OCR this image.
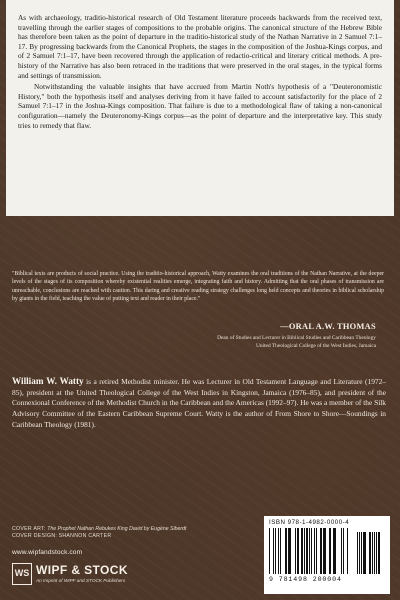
As with archaeology, traditio-historical research of Old Testament literature proceeds backwards from the received text, travelling through the earlier stages of compositions to the probable origins. The canonical structure of the Hebrew Bible has therefore been taken as the point of departure in the traditio-historical study of the Nathan Narrative in 2 Samuel 7:1–17. By progressing backwards from the Canonical Prophets, the stages in the composition of the Joshua-Kings corpus, and of 2 Samuel 7:1–17, have been recovered through the application of redactio-critical and literary critical methods. A pre-history of the Narrative has also been retraced in the traditions that were preserved in the oral stages, in the typical forms and settings of transmission.

Notwithstanding the valuable insights that have accrued from Martin Noth's hypothesis of a "Deuteronomistic History," both the hypothesis itself and analyses deriving from it have failed to account satisfactorily for the place of 2 Samuel 7:1–17 in the Joshua-Kings composition. That failure is due to a methodological flaw of taking a non-canonical configuration—namely the Deuteronomy-Kings corpus—as the point of departure and the interpretative key. This study tries to remedy that flaw.

"Biblical texts are products of social practice. Using the traditio-historical approach, Watty examines the oral traditions of the Nathan Narrative, at the deeper levels of the stages of its composition whereby existential realities emerge, integrating faith and history. Admitting that the oral phases of transmission are unreachable, conclusions are reached with caution. This daring and creative reading strategy challenges long held concepts and theories in biblical scholarship by giants in the field, teaching the value of putting text and reader in their place."

—ORAL A.W. THOMAS
Dean of Studies and Lecturer in Biblical Studies and Caribbean Theology
United Theological College of the West Indies, Jamaica

William W. Watty is a retired Methodist minister. He was Lecturer in Old Testament Language and Literature (1972–85), president at the United Theological College of the West Indies in Kingston, Jamaica (1976–85), and president of the Connexional Conference of the Methodist Church in the Caribbean and the Americas (1992–97). He was a member of the Silk Advisory Committee of the Eastern Caribbean Supreme Court. Watty is the author of From Shore to Shore—Soundings in Caribbean Theology (1981).

COVER ART: The Prophet Nathan Rebukes King David by Eugène Siberdt
COVER DESIGN: SHANNON CARTER
www.wipfandstock.com
WS WIPF & STOCK
An Imprint of WIPF and STOCK Publishers
ISBN 978-1-4982-0000-4
9 781498 200004
